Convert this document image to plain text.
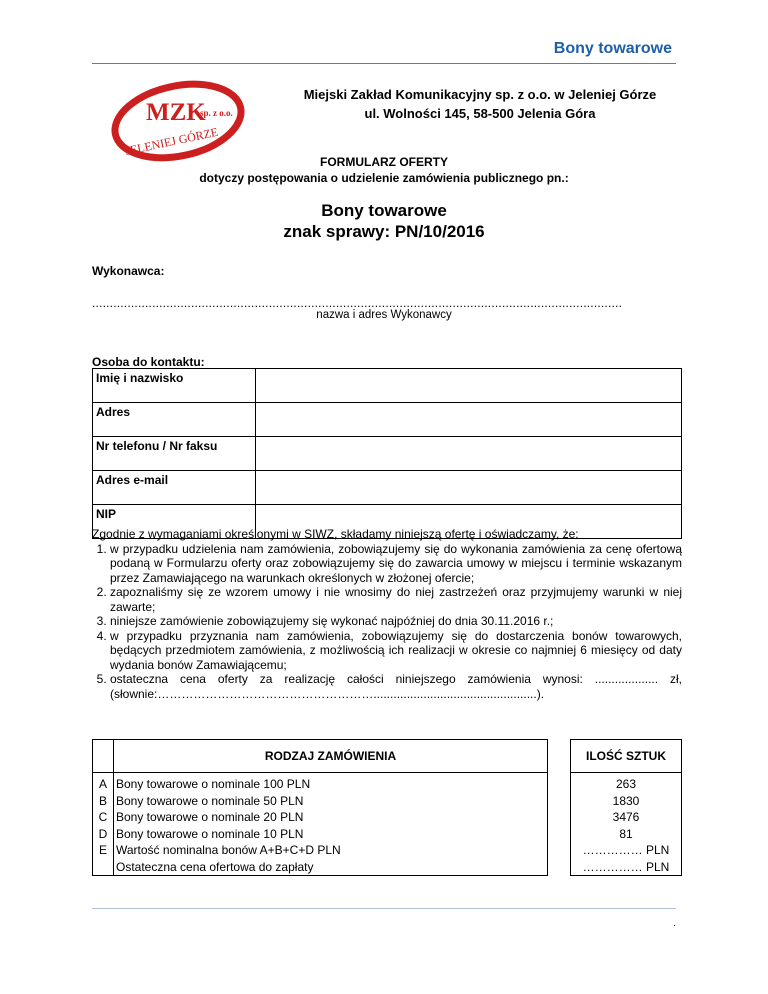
Bony towarowe
MZK
sp. z o.o.
JELENIEJ GÓRZE
Miejski Zakład Komunikacyjny sp. z o.o. w Jeleniej Górze
ul. Wolności 145, 58-500 Jelenia Góra
FORMULARZ OFERTY
dotyczy postępowania o udzielenie zamówienia publicznego pn.:
Bony towarowe
znak sprawy: PN/10/2016
Wykonawca:
......................................................................................................................................................
nazwa i adres Wykonawcy
Osoba do kontaktu:
Imię i nazwisko	
Adres	
Nr telefonu / Nr faksu	
Adres e-mail	
NIP	
Zgodnie z wymaganiami określonymi w SIWZ, składamy niniejszą ofertę i oświadczamy, że:
1. w przypadku udzielenia nam zamówienia, zobowiązujemy się do wykonania zamówienia za cenę ofertową podaną w Formularzu oferty oraz zobowiązujemy się do zawarcia umowy w miejscu i terminie wskazanym przez Zamawiającego na warunkach określonych w złożonej ofercie;
2. zapoznaliśmy się ze wzorem umowy i nie wnosimy do niej zastrzeżeń oraz przyjmujemy warunki w niej zawarte;
3. niniejsze zamówienie zobowiązujemy się wykonać najpóźniej do dnia 30.11.2016 r.;
4. w przypadku przyznania nam zamówienia, zobowiązujemy się do dostarczenia bonów towarowych, będących przedmiotem zamówienia, z możliwością ich realizacji w okresie co najmniej 6 miesięcy od daty wydania bonów Zamawiającemu;
5. ostateczna cena oferty za realizację całości niniejszego zamówienia wynosi: ................... zł, (słownie:……………………………………………….................................................).
	RODZAJ ZAMÓWIENIA		ILOŚĆ SZTUK
A	Bony towarowe o nominale 100 PLN		263
B	Bony towarowe o nominale 50 PLN		1830
C	Bony towarowe o nominale 20 PLN		3476
D	Bony towarowe o nominale 10 PLN		81
E	Wartość nominalna bonów A+B+C+D PLN		…………… PLN
	Ostateczna cena ofertowa do zapłaty		…………… PLN
.
